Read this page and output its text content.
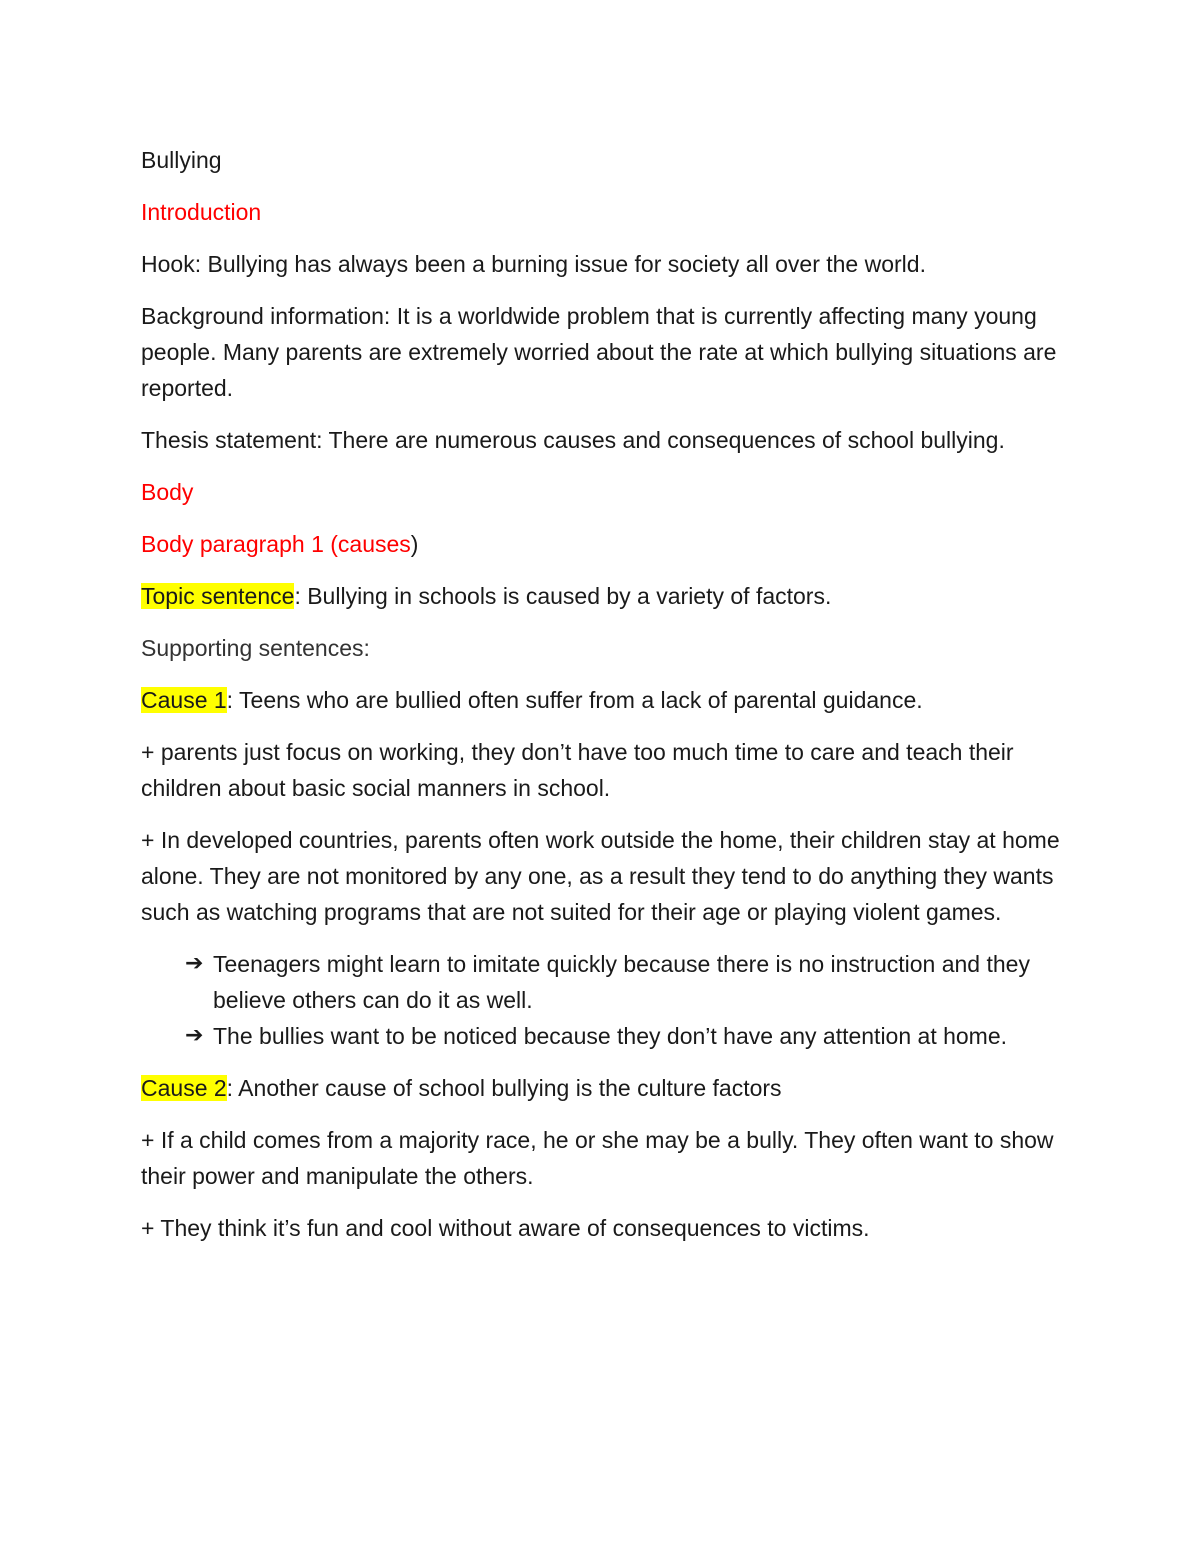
Bullying

Introduction

Hook: Bullying has always been a burning issue for society all over the world.

Background information: It is a worldwide problem that is currently affecting many young people. Many parents are extremely worried about the rate at which bullying situations are reported.

Thesis statement: There are numerous causes and consequences of school bullying.

Body

Body paragraph 1 (causes)

Topic sentence: Bullying in schools is caused by a variety of factors.

Supporting sentences:

Cause 1: Teens who are bullied often suffer from a lack of parental guidance.

+ parents just focus on working, they don’t have too much time to care and teach their children about basic social manners in school.

+ In developed countries, parents often work outside the home, their children stay at home alone. They are not monitored by any one, as a result they tend to do anything they wants such as watching programs that are not suited for their age or playing violent games.

➔ Teenagers might learn to imitate quickly because there is no instruction and they believe others can do it as well.
➔ The bullies want to be noticed because they don’t have any attention at home.

Cause 2: Another cause of school bullying is the culture factors

+ If a child comes from a majority race, he or she may be a bully. They often want to show their power and manipulate the others.

+ They think it’s fun and cool without aware of consequences to victims.
